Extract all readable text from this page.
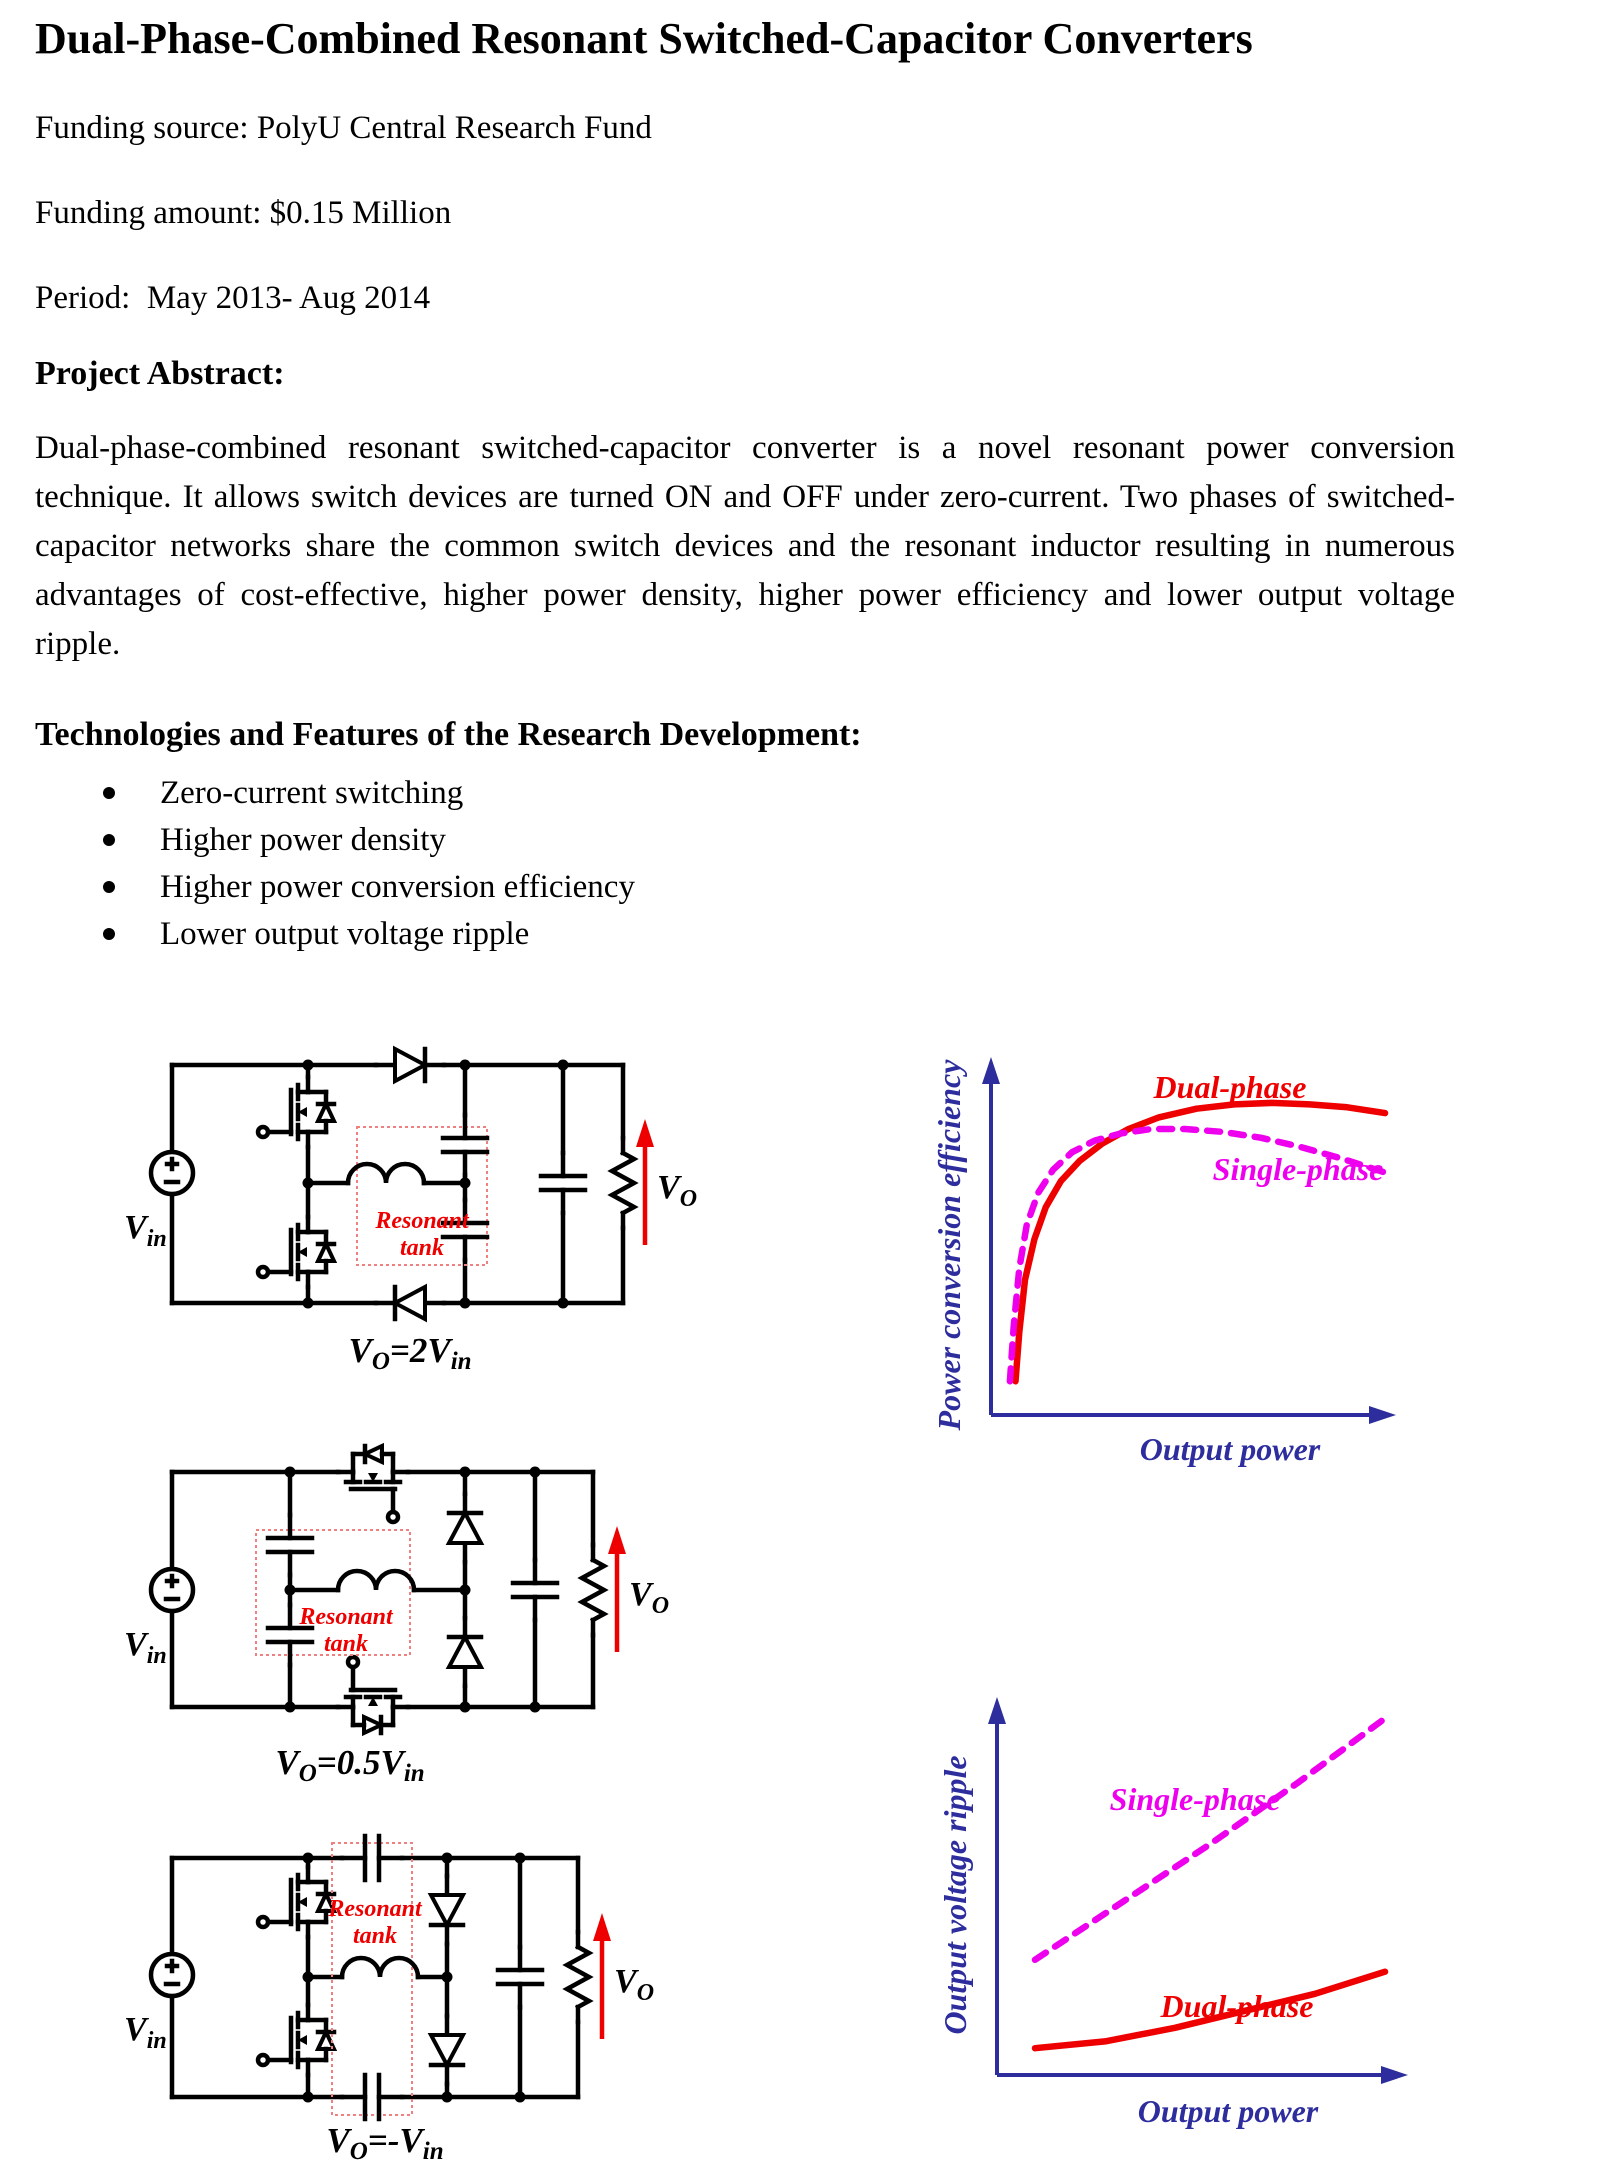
Dual-Phase-Combined Resonant Switched-Capacitor Converters
Funding source: PolyU Central Research Fund
Funding amount: $0.15 Million
Period:  May 2013- Aug 2014
Project Abstract:
Dual-phase-combined resonant switched-capacitor converter is a novel resonant power conversion technique. It allows switch devices are turned ON and OFF under zero-current. Two phases of switched-capacitor networks share the common switch devices and the resonant inductor resulting in numerous advantages of cost-effective, higher power density, higher power efficiency and lower output voltage ripple.
Technologies and Features of the Research Development:
Zero-current switching
Higher power density
Higher power conversion efficiency
Lower output voltage ripple
Resonant
tank
$V_{in}$
$V_O$
$V_O=2V_{in}$
Resonant
tank
$V_{in}$
$V_O$
$V_O=0.5V_{in}$
Resonant
tank
$V_{in}$
$V_O$
$V_O=-V_{in}$
Dual-phase
Single-phase
Power conversion efficiency
Output power
Single-phase
Dual-phase
Output voltage ripple
Output power
